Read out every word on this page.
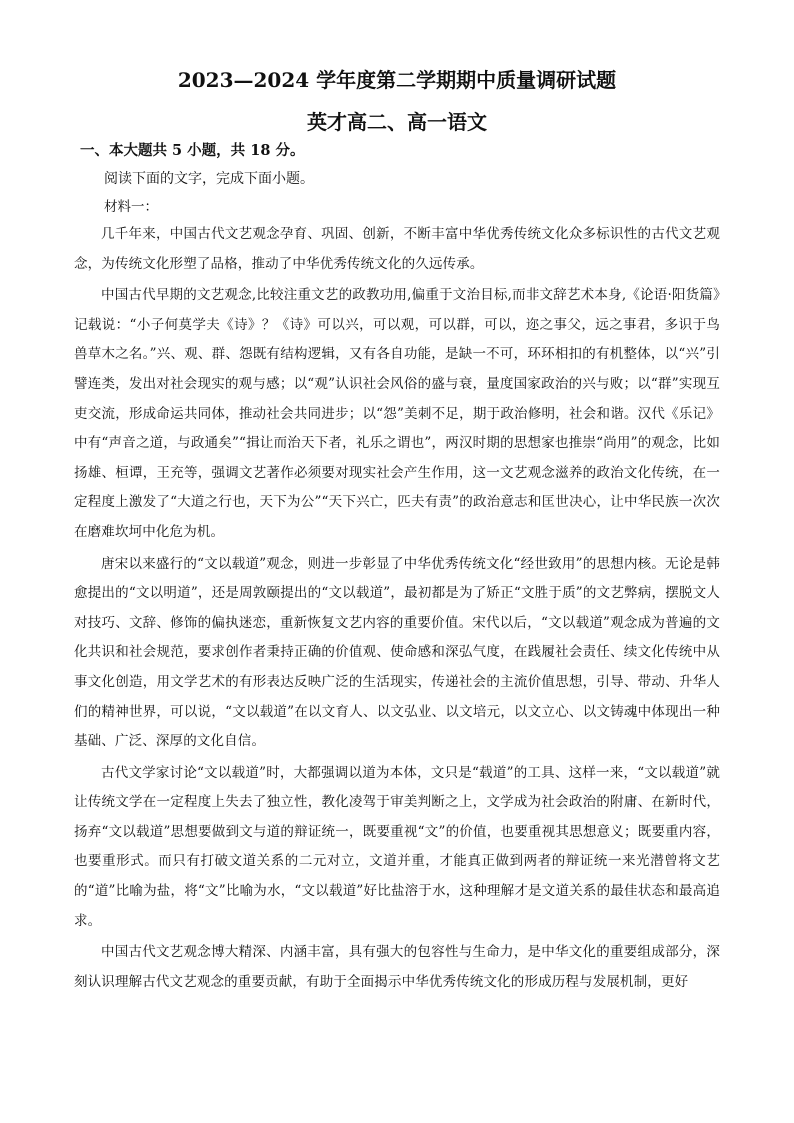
2023—2024 学年度第二学期期中质量调研试题
英才高二、高一语文
一、本大题共 5 小题，共 18 分。
阅读下面的文字，完成下面小题。
材料一：

几千年来，中国古代文艺观念孕育、巩固、创新，不断丰富中华优秀传统文化众多标识性的古代文艺观念，为传统文化形塑了品格，推动了中华优秀传统文化的久远传承。

中国古代早期的文艺观念,比较注重文艺的政教功用,偏重于文治目标,而非文辞艺术本身,《论语·阳货篇》记载说：“小子何莫学夫《诗》？《诗》可以兴，可以观，可以群，可以，迩之事父，远之事君，多识于鸟兽草木之名。”兴、观、群、怨既有结构逻辑，又有各自功能，是缺一不可，环环相扣的有机整体，以“兴”引譬连类，发出对社会现实的观与感；以“观”认识社会风俗的盛与衰，量度国家政治的兴与败；以“群”实现互吏交流，形成命运共同体，推动社会共同进步；以“怨”美刺不足，期于政治修明，社会和谐。汉代《乐记》中有“声音之道，与政通矣”“揖让而治天下者，礼乐之谓也”，两汉时期的思想家也推崇“尚用”的观念，比如扬雄、桓谭，王充等，强调文艺著作必须要对现实社会产生作用，这一文艺观念滋养的政治文化传统，在一定程度上激发了“大道之行也，天下为公”“天下兴亡，匹夫有责”的政治意志和匡世决心，让中华民族一次次在磨难坎坷中化危为机。

唐宋以来盛行的“文以载道”观念，则进一步彰显了中华优秀传统文化“经世致用”的思想内核。无论是韩愈提出的“文以明道”，还是周敦颐提出的“文以载道”，最初都是为了矫正“文胜于质”的文艺弊病，摆脱文人对技巧、文辞、修饰的偏执迷恋，重新恢复文艺内容的重要价值。宋代以后，“文以载道”观念成为普遍的文化共识和社会规范，要求创作者秉持正确的价值观、使命感和深弘气度，在践履社会责任、续文化传统中从事文化创造，用文学艺术的有形表达反映广泛的生活现实，传递社会的主流价值思想，引导、带动、升华人们的精神世界，可以说，“文以载道”在以文育人、以文弘业、以文培元，以文立心、以文铸魂中体现出一种基础、广泛、深厚的文化自信。

古代文学家讨论“文以载道”时，大都强调以道为本体，文只是“载道”的工具、这样一来，“文以载道”就让传统文学在一定程度上失去了独立性，教化凌驾于审美判断之上，文学成为社会政治的附庸、在新时代，扬弃“文以载道”思想要做到文与道的辩证统一，既要重视“文”的价值，也要重视其思想意义；既要重内容，也要重形式。而只有打破文道关系的二元对立，文道并重，才能真正做到两者的辩证统一来光潜曾将文艺的“道”比喻为盐，将“文”比喻为水，“文以载道”好比盐溶于水，这种理解才是文道关系的最佳状态和最高追求。

中国古代文艺观念博大精深、内涵丰富，具有强大的包容性与生命力，是中华文化的重要组成部分，深刻认识理解古代文艺观念的重要贡献，有助于全面揭示中华优秀传统文化的形成历程与发展机制，更好
